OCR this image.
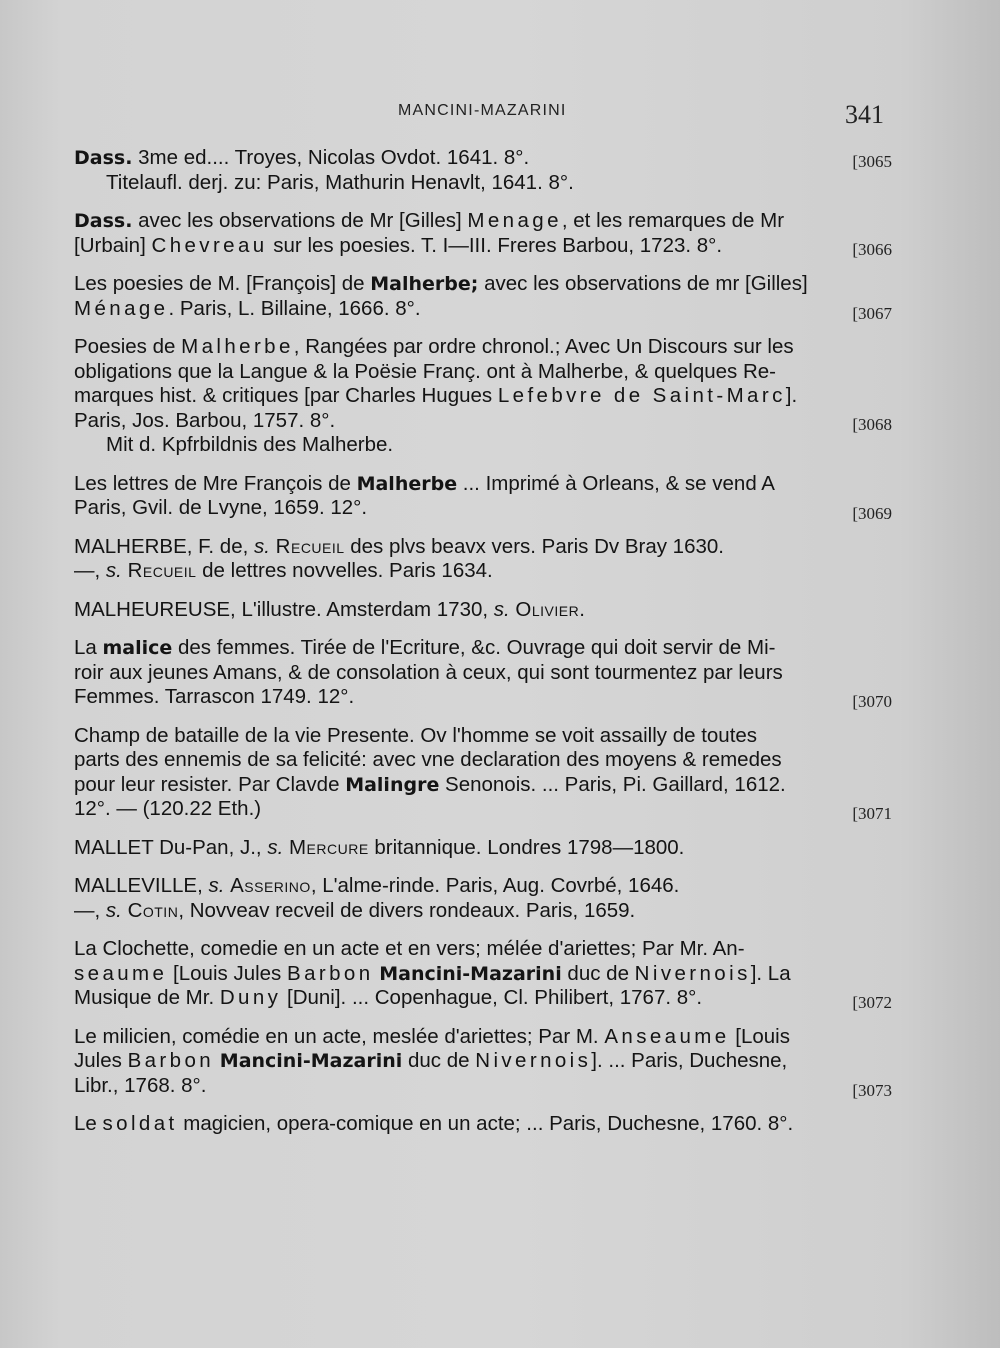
MANCINI-MAZARINI	341
Dass. 3me ed.... Troyes, Nicolas Ovdot. 1641. 8°.
Titelaufl. derj. zu: Paris, Mathurin Henavlt, 1641. 8°.
[3065
Dass. avec les observations de Mr [Gilles] Menage, et les remarques de Mr
[Urbain] Chevreau sur les poesies. T. I—III. Freres Barbou, 1723. 8°.	[3066
Les poesies de M. [François] de Malherbe; avec les observations de mr [Gilles]
Ménage. Paris, L. Billaine, 1666. 8°.	[3067
Poesies de Malherbe, Rangées par ordre chronol.; Avec Un Discours sur les
obligations que la Langue & la Poësie Franç. ont à Malherbe, & quelques Re-
marques hist. & critiques [par Charles Hugues Lefebvre de Saint-Marc].
Paris, Jos. Barbou, 1757. 8°.
Mit d. Kpfrbildnis des Malherbe.
[3068
Les lettres de Mre François de Malherbe ... Imprimé à Orleans, & se vend A
Paris, Gvil. de Lvyne, 1659. 12°.	[3069
MALHERBE, F. de, s. Recueil des plvs beavx vers. Paris Dv Bray 1630.
—, s. Recueil de lettres novvelles. Paris 1634.
MALHEUREUSE, L'illustre. Amsterdam 1730, s. Olivier.
La malice des femmes. Tirée de l'Ecriture, &c. Ouvrage qui doit servir de Mi-
roir aux jeunes Amans, & de consolation à ceux, qui sont tourmentez par leurs
Femmes. Tarrascon 1749. 12°.	[3070
Champ de bataille de la vie Presente. Ov l'homme se voit assailly de toutes
parts des ennemis de sa felicité: avec vne declaration des moyens & remedes
pour leur resister. Par Clavde Malingre Senonois. ... Paris, Pi. Gaillard, 1612.
12°. — (120.22 Eth.)	[3071
MALLET Du-Pan, J., s. Mercure britannique. Londres 1798—1800.
MALLEVILLE, s. Asserino, L'alme-rinde. Paris, Aug. Covrbé, 1646.
—, s. Cotin, Novveav recveil de divers rondeaux. Paris, 1659.
La Clochette, comedie en un acte et en vers; mélée d'ariettes; Par Mr. An-
seaume [Louis Jules Barbon Mancini-Mazarini duc de Nivernois]. La
Musique de Mr. Duny [Duni]. ... Copenhague, Cl. Philibert, 1767. 8°.	[3072
Le milicien, comédie en un acte, meslée d'ariettes; Par M. Anseaume [Louis
Jules Barbon Mancini-Mazarini duc de Nivernois]. ... Paris, Duchesne,
Libr., 1768. 8°.	[3073
Le soldat magicien, opera-comique en un acte; ... Paris, Duchesne, 1760. 8°.
